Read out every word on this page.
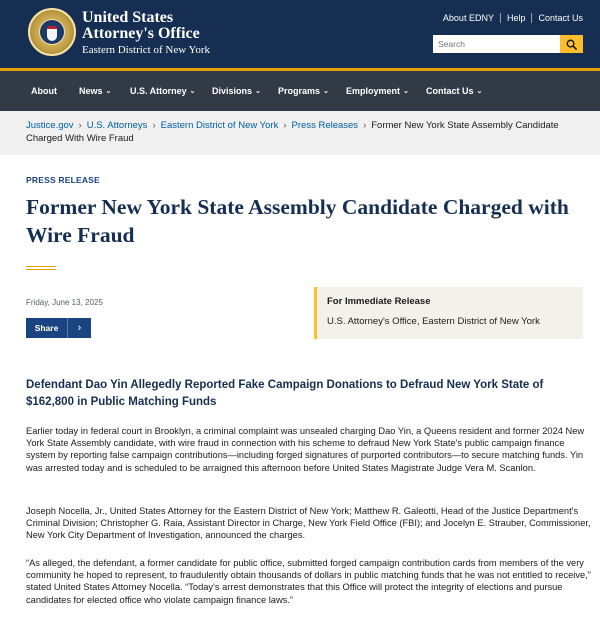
United States
Attorney's Office
Eastern District of New York
About EDNY Help Contact Us
Search
About News ⌄ U.S. Attorney ⌄ Divisions ⌄ Programs ⌄ Employment ⌄ Contact Us ⌄
Justice.gov › U.S. Attorneys › Eastern District of New York › Press Releases › Former New York State Assembly Candidate Charged With Wire Fraud
PRESS RELEASE
Former New York State Assembly Candidate Charged with Wire Fraud
Friday, June 13, 2025
Share	›
For Immediate Release
U.S. Attorney's Office, Eastern District of New York
Defendant Dao Yin Allegedly Reported Fake Campaign Donations to Defraud New York State of $162,800 in Public Matching Funds

Earlier today in federal court in Brooklyn, a criminal complaint was unsealed charging Dao Yin, a Queens resident and former 2024 New York State Assembly candidate, with wire fraud in connection with his scheme to defraud New York State's public campaign finance system by reporting false campaign contributions—including forged signatures of purported contributors—to secure matching funds. Yin was arrested today and is scheduled to be arraigned this afternoon before United States Magistrate Judge Vera M. Scanlon.

Joseph Nocella, Jr., United States Attorney for the Eastern District of New York; Matthew R. Galeotti, Head of the Justice Department's Criminal Division; Christopher G. Raia, Assistant Director in Charge, New York Field Office (FBI); and Jocelyn E. Strauber, Commissioner, New York City Department of Investigation, announced the charges.

“As alleged, the defendant, a former candidate for public office, submitted forged campaign contribution cards from members of the very community he hoped to represent, to fraudulently obtain thousands of dollars in public matching funds that he was not entitled to receive,” stated United States Attorney Nocella. “Today's arrest demonstrates that this Office will protect the integrity of elections and pursue candidates for elected office who violate campaign finance laws.”
